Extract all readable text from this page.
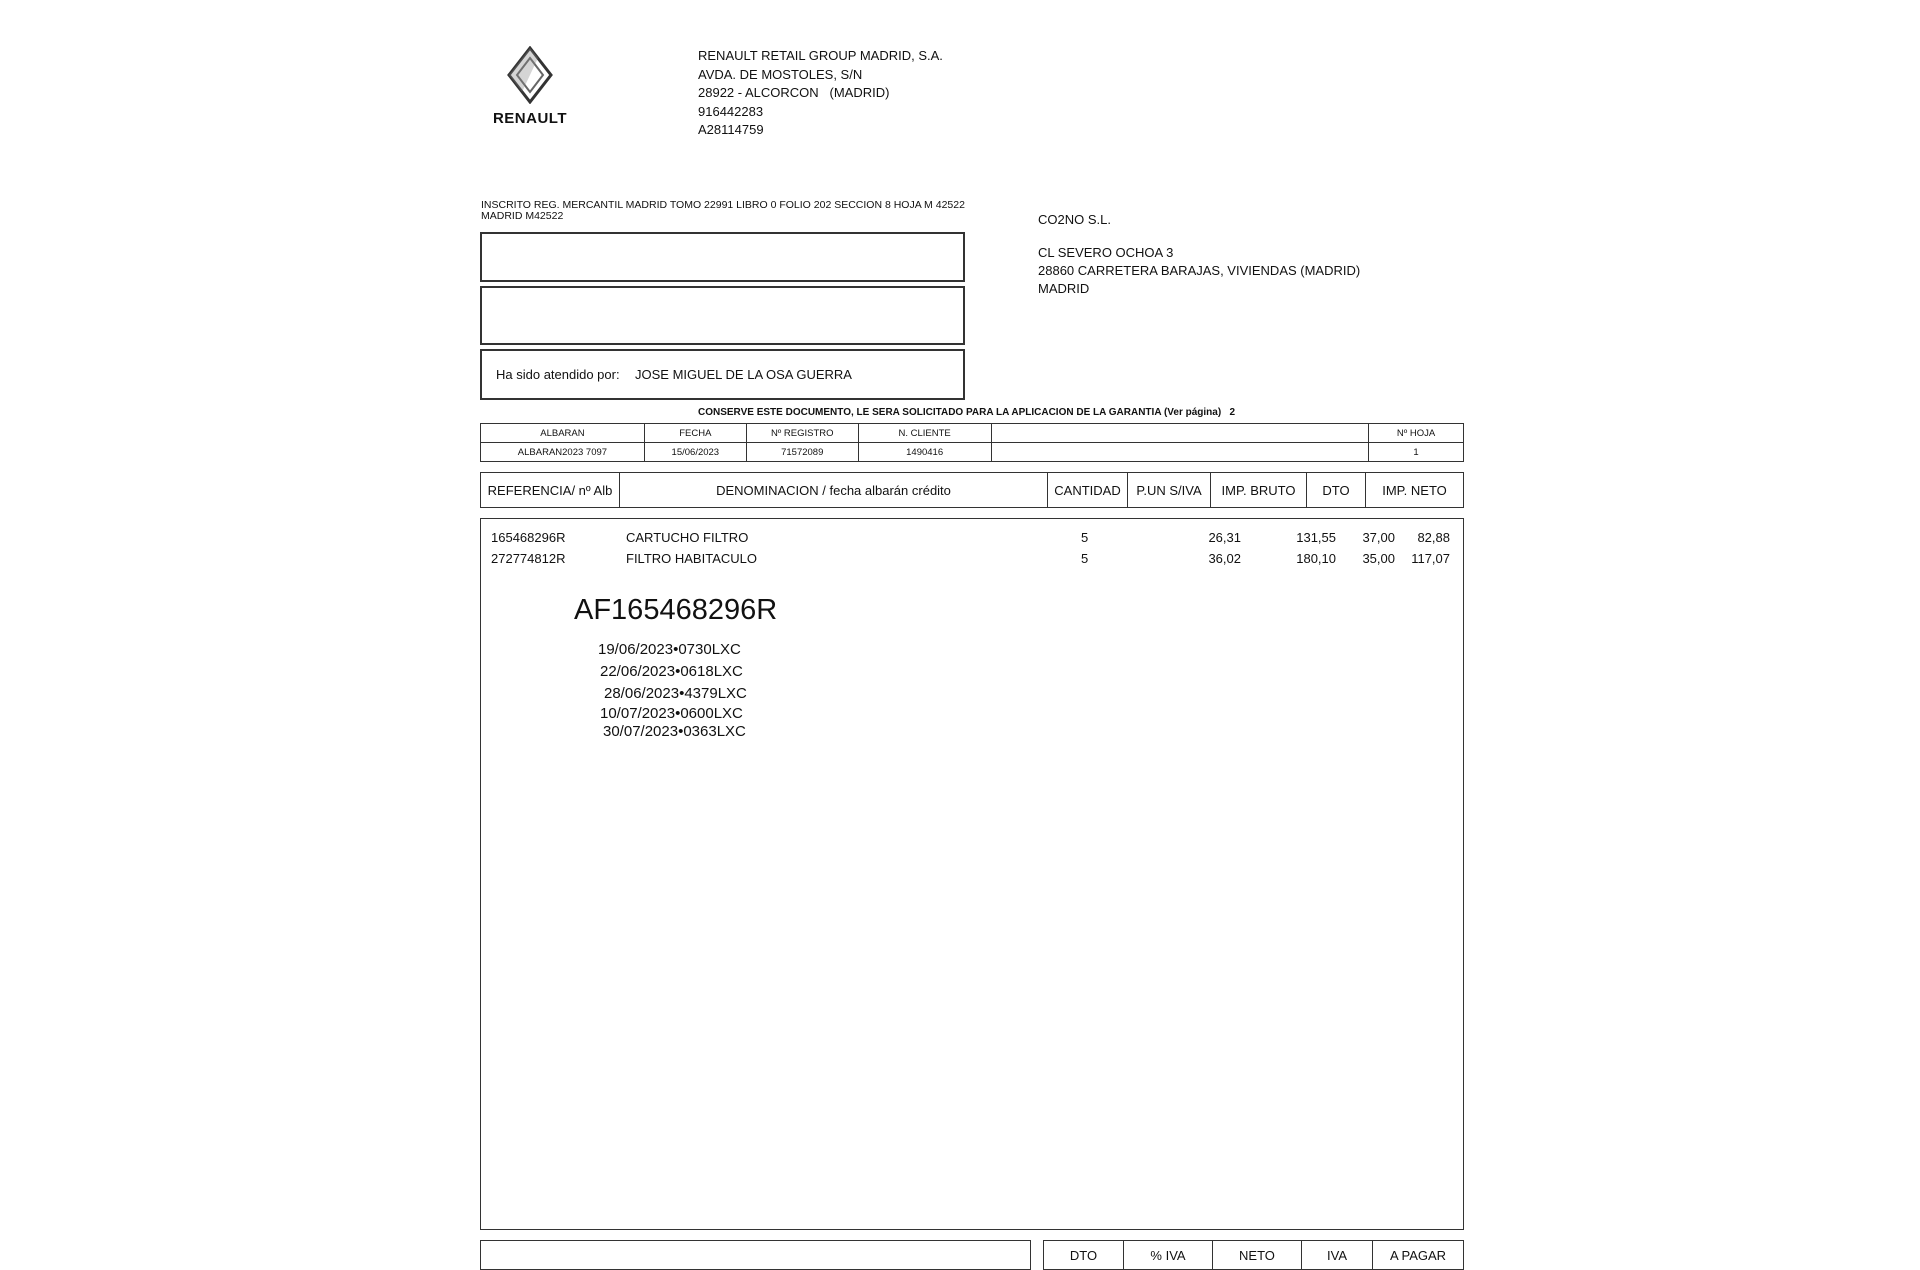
RENAULT
RENAULT RETAIL GROUP MADRID, S.A.
AVDA. DE MOSTOLES, S/N
28922 - ALCORCON   (MADRID)
916442283
A28114759
INSCRITO REG. MERCANTIL MADRID TOMO 22991 LIBRO 0 FOLIO 202 SECCION 8 HOJA M 42522   MADRID M42522
Ha sido atendido por: JOSE MIGUEL DE LA OSA GUERRA
CO2NO S.L.
CL SEVERO OCHOA 3
28860 CARRETERA BARAJAS, VIVIENDAS (MADRID)
MADRID
CONSERVE ESTE DOCUMENTO, LE SERA SOLICITADO PARA LA APLICACION DE LA GARANTIA (Ver página)   2
ALBARAN	FECHA	Nº REGISTRO	N. CLIENTE		Nº HOJA
ALBARAN2023 7097	15/06/2023	71572089	1490416		1
REFERENCIA/ nº Alb	DENOMINACION / fecha albarán crédito	CANTIDAD	P.UN S/IVA	IMP. BRUTO	DTO	IMP. NETO
165468296R	CARTUCHO FILTRO	5	26,31	131,55	37,00	82,88
272774812R	FILTRO HABITACULO	5	36,02	180,10	35,00	117,07
AF165468296R
19/06/2023•0730LXC
22/06/2023•0618LXC
28/06/2023•4379LXC
10/07/2023•0600LXC
30/07/2023•0363LXC
DTO	% IVA	NETO	IVA	A PAGAR
